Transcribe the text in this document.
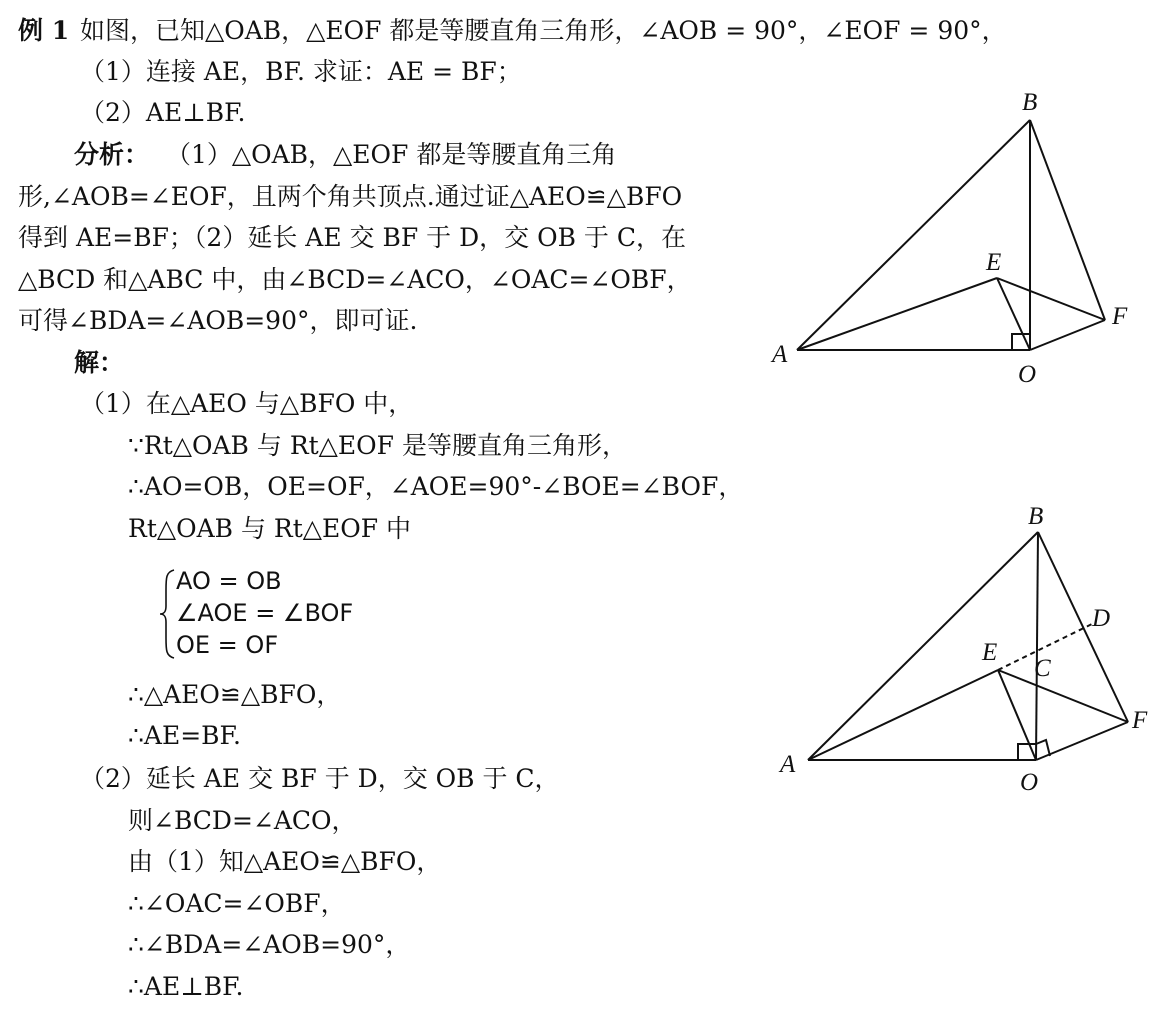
例 1 如图，已知△OAB，△EOF 都是等腰直角三角形，∠AOB = 90°，∠EOF = 90°，
（1）连接 AE，BF. 求证：AE = BF；
（2）AE⊥BF.
分析： （1）△OAB，△EOF 都是等腰直角三角
形,∠AOB=∠EOF，且两个角共顶点.通过证△AEO≌△BFO
得到 AE=BF；（2）延长 AE 交 BF 于 D，交 OB 于 C，在
△BCD 和△ABC 中，由∠BCD=∠ACO，∠OAC=∠OBF，
可得∠BDA=∠AOB=90°，即可证.
解：
（1）在△AEO 与△BFO 中，
∵Rt△OAB 与 Rt△EOF 是等腰直角三角形，
∴AO=OB，OE=OF，∠AOE=90°-∠BOE=∠BOF，
Rt△OAB 与 Rt△EOF 中
AO = OB
∠AOE = ∠BOF
OE = OF
∴△AEO≌△BFO，
∴AE=BF.
（2）延长 AE 交 BF 于 D，交 OB 于 C，
则∠BCD=∠ACO，
由（1）知△AEO≌△BFO，
∴∠OAC=∠OBF，
∴∠BDA=∠AOB=90°，
∴AE⊥BF.
A
B
E
F
O
A
B
C
D
E
F
O
